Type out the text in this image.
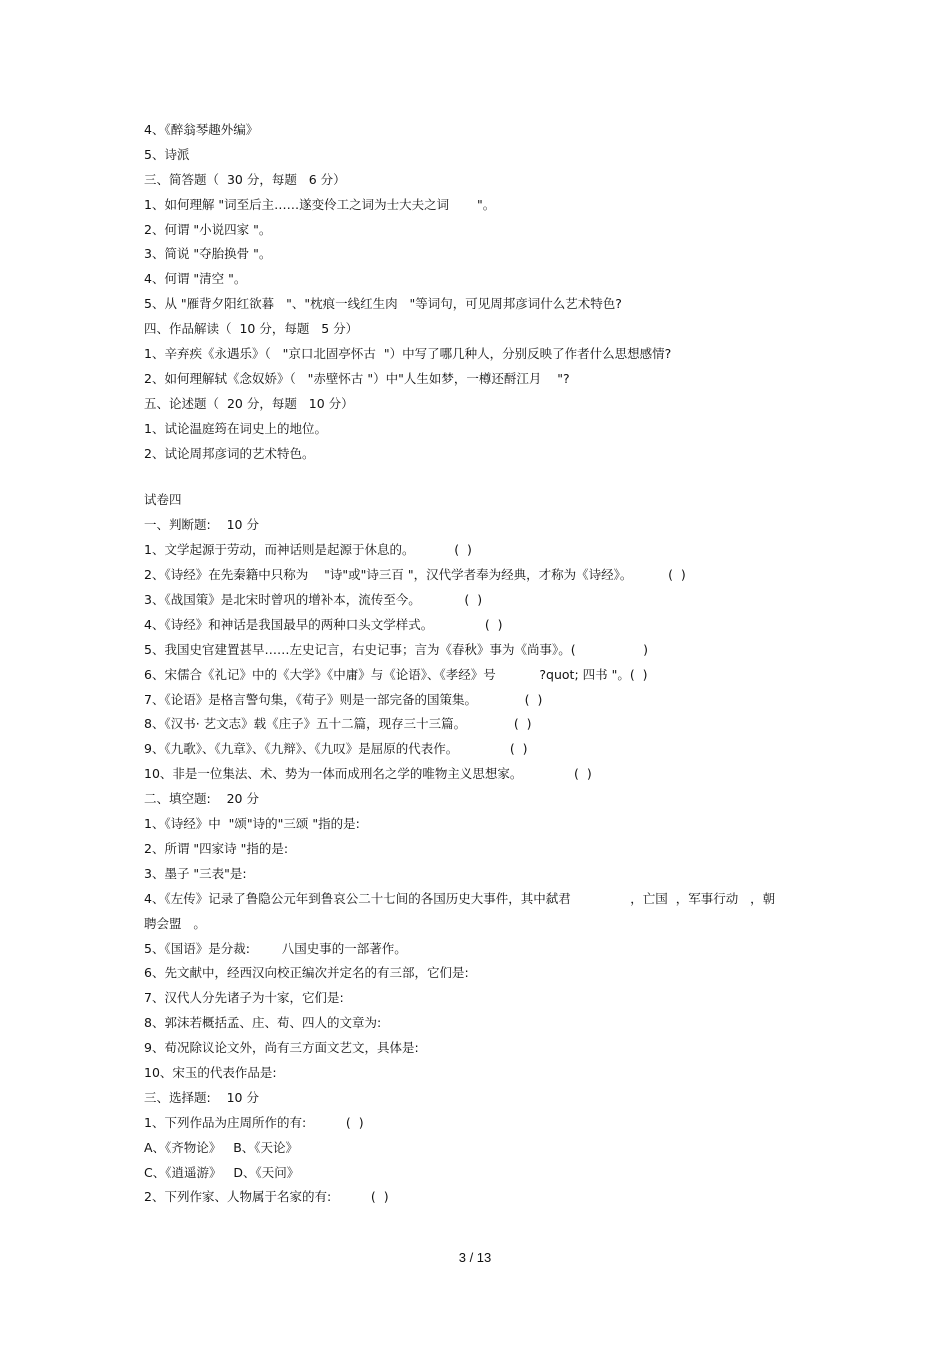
4、《醉翁琴趣外编》
5、诗派
三、简答题（  30 分，每题   6 分）
1、如何理解 "词至后主……遂变伶工之词为士大夫之词       "。
2、何谓 "小说四家 "。
3、简说 "夺胎换骨 "。
4、何谓 "清空 "。
5、从 "雁背夕阳红欲暮   "、"枕痕一线红生肉   "等词句，可见周邦彦词什么艺术特色?
四、作品解读（  10 分，每题   5 分）
1、辛弃疾《永遇乐》（   "京口北固亭怀古  "）中写了哪几种人，分别反映了作者什么思想感情?
2、如何理解轼《念奴娇》（   "赤壁怀古 "）中"人生如梦，一樽还酹江月    "?
五、论述题（  20 分，每题   10 分）
1、试论温庭筠在词史上的地位。
2、试论周邦彦词的艺术特色。
试卷四
一、判断题:    10 分
1、文学起源于劳动，而神话则是起源于休息的。          (  )
2、《诗经》在先秦籍中只称为    "诗"或"诗三百 "，汉代学者奉为经典，才称为《诗经》。         (  )
3、《战国策》是北宋时曾巩的增补本，流传至今。           (  )
4、《诗经》和神话是我国最早的两种口头文学样式。             (  )
5、我国史官建置甚早……左史记言，右史记事；言为《春秋》事为《尚事》。(                 )
6、宋儒合《礼记》中的《大学》《中庸》与《论语》、《孝经》号           ?quot; 四书 "。(  )
7、《论语》是格言警句集，《荀子》则是一部完备的国策集。            (  )
8、《汉书· 艺文志》载《庄子》五十二篇，现存三十三篇。            (  )
9、《九歌》、《九章》、《九辩》、《九叹》是屈原的代表作。             (  )
10、非是一位集法、术、势为一体而成刑名之学的唯物主义思想家。             (  )
二、填空题:    20 分
1、《诗经》中  "颂"诗的"三颂 "指的是:
2、所谓 "四家诗 "指的是:
3、墨子 "三表"是:
4、《左传》记录了鲁隐公元年到鲁哀公二十七间的各国历史大事件，其中弑君               ，亡国  ，军事行动   ，朝
聘会盟   。
5、《国语》是分裁:        八国史事的一部著作。
6、先文献中，经西汉向校正编次并定名的有三部，它们是:
7、汉代人分先诸子为十家，它们是:
8、郭沫若概括孟、庄、荀、四人的文章为:
9、荀况除议论文外，尚有三方面文艺文，具体是:
10、宋玉的代表作品是:
三、选择题:    10 分
1、下列作品为庄周所作的有:          (  )
A、《齐物论》   B、《天论》
C、《逍遥游》   D、《天问》
2、下列作家、人物属于名家的有:          (  )
3 / 13
